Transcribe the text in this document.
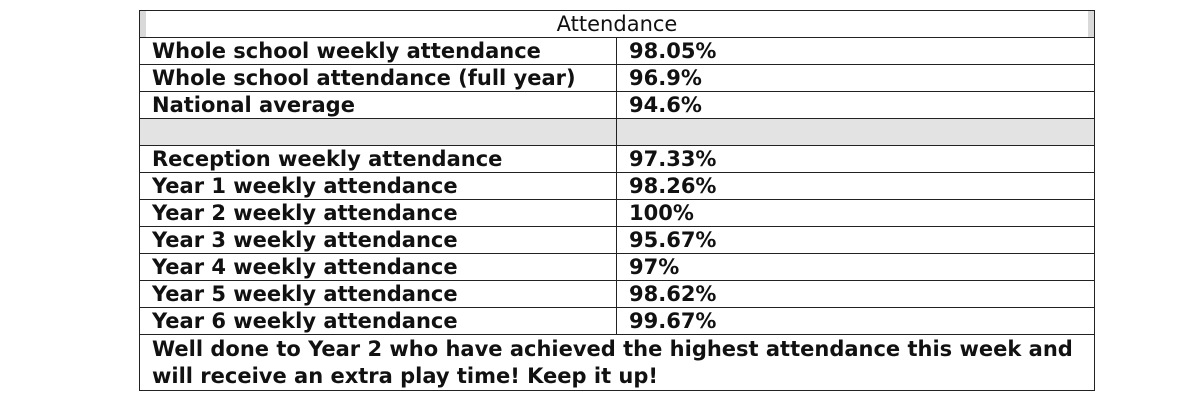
Attendance	
Whole school weekly attendance	98.05%
Whole school attendance (full year)	96.9%
National average	94.6%

Reception weekly attendance	97.33%
Year 1 weekly attendance	98.26%
Year 2 weekly attendance	100%
Year 3 weekly attendance	95.67%
Year 4 weekly attendance	97%
Year 5 weekly attendance	98.62%
Year 6 weekly attendance	99.67%
Well done to Year 2 who have achieved the highest attendance this week and will receive an extra play time! Keep it up!	
